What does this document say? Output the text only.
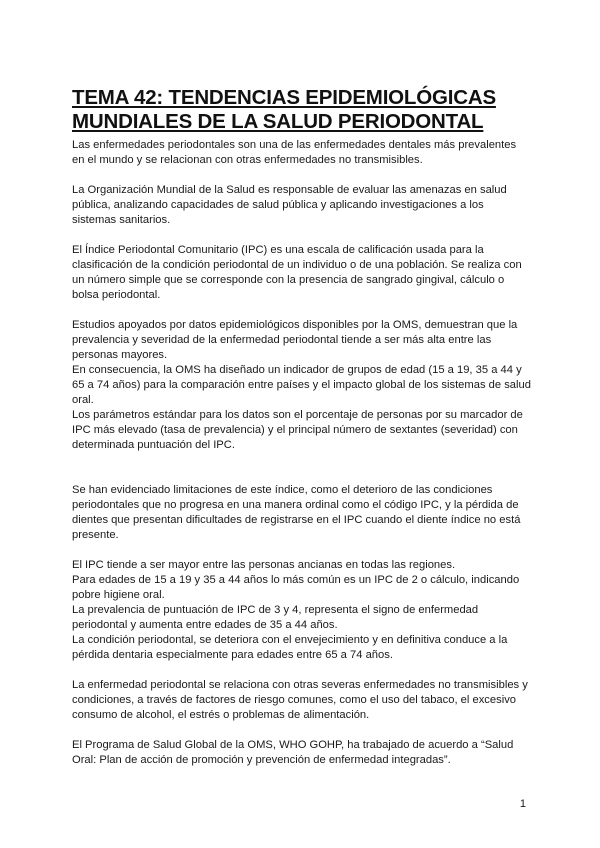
TEMA 42: TENDENCIAS EPIDEMIOLÓGICAS
MUNDIALES DE LA SALUD PERIODONTAL

Las enfermedades periodontales son una de las enfermedades dentales más prevalentes
en el mundo y se relacionan con otras enfermedades no transmisibles.

La Organización Mundial de la Salud es responsable de evaluar las amenazas en salud
pública, analizando capacidades de salud pública y aplicando investigaciones a los
sistemas sanitarios.

El Índice Periodontal Comunitario (IPC) es una escala de calificación usada para la
clasificación de la condición periodontal de un individuo o de una población. Se realiza con
un número simple que se corresponde con la presencia de sangrado gingival, cálculo o
bolsa periodontal.

Estudios apoyados por datos epidemiológicos disponibles por la OMS, demuestran que la
prevalencia y severidad de la enfermedad periodontal tiende a ser más alta entre las
personas mayores.
En consecuencia, la OMS ha diseñado un indicador de grupos de edad (15 a 19, 35 a 44 y
65 a 74 años) para la comparación entre países y el impacto global de los sistemas de salud
oral.
Los parámetros estándar para los datos son el porcentaje de personas por su marcador de
IPC más elevado (tasa de prevalencia) y el principal número de sextantes (severidad) con
determinada puntuación del IPC.

Se han evidenciado limitaciones de este índice, como el deterioro de las condiciones
periodontales que no progresa en una manera ordinal como el código IPC, y la pérdida de
dientes que presentan dificultades de registrarse en el IPC cuando el diente índice no está
presente.

El IPC tiende a ser mayor entre las personas ancianas en todas las regiones.
Para edades de 15 a 19 y 35 a 44 años lo más común es un IPC de 2 o cálculo, indicando
pobre higiene oral.
La prevalencia de puntuación de IPC de 3 y 4, representa el signo de enfermedad
periodontal y aumenta entre edades de 35 a 44 años.
La condición periodontal, se deteriora con el envejecimiento y en definitiva conduce a la
pérdida dentaria especialmente para edades entre 65 a 74 años.

La enfermedad periodontal se relaciona con otras severas enfermedades no transmisibles y
condiciones, a través de factores de riesgo comunes, como el uso del tabaco, el excesivo
consumo de alcohol, el estrés o problemas de alimentación.

El Programa de Salud Global de la OMS, WHO GOHP, ha trabajado de acuerdo a “Salud
Oral: Plan de acción de promoción y prevención de enfermedad integradas”.

1
